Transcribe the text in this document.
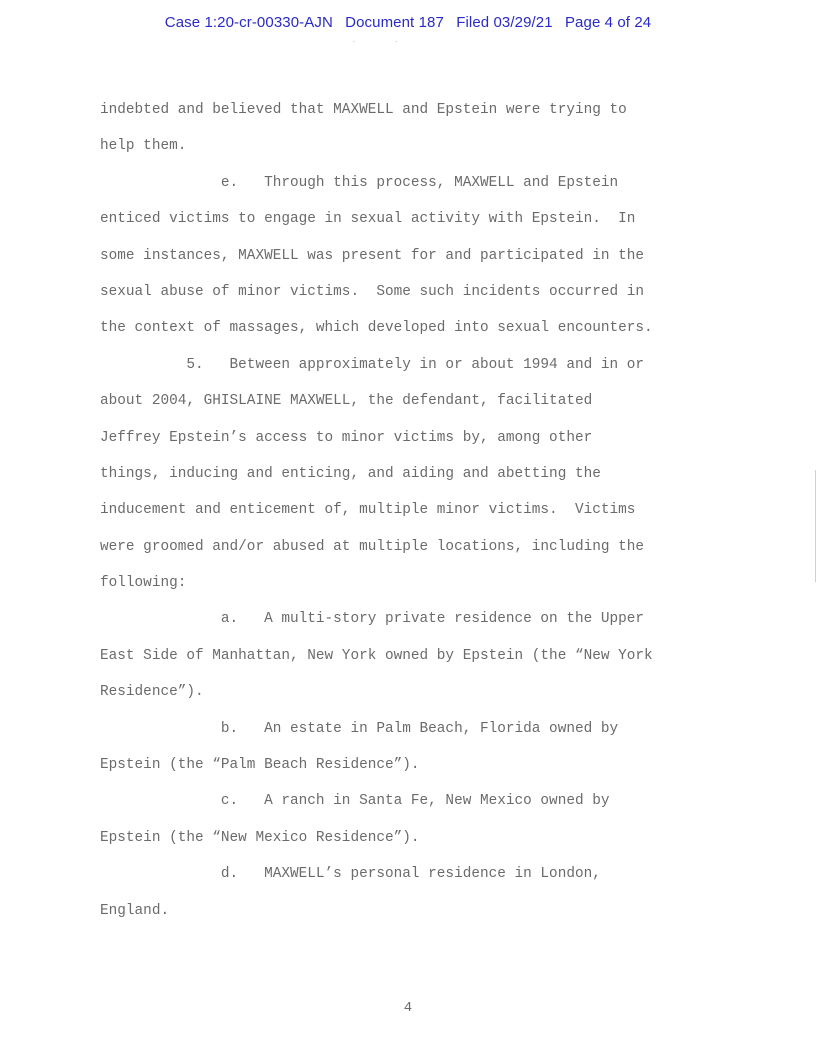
Case 1:20-cr-00330-AJN Document 187 Filed 03/29/21 Page 4 of 24
·         ·
indebted and believed that MAXWELL and Epstein were trying to
help them.
e.   Through this process, MAXWELL and Epstein
enticed victims to engage in sexual activity with Epstein.  In
some instances, MAXWELL was present for and participated in the
sexual abuse of minor victims.  Some such incidents occurred in
the context of massages, which developed into sexual encounters.
5.   Between approximately in or about 1994 and in or
about 2004, GHISLAINE MAXWELL, the defendant, facilitated
Jeffrey Epstein’s access to minor victims by, among other
things, inducing and enticing, and aiding and abetting the
inducement and enticement of, multiple minor victims.  Victims
were groomed and/or abused at multiple locations, including the
following:
a.   A multi-story private residence on the Upper
East Side of Manhattan, New York owned by Epstein (the “New York
Residence”).
b.   An estate in Palm Beach, Florida owned by
Epstein (the “Palm Beach Residence”).
c.   A ranch in Santa Fe, New Mexico owned by
Epstein (the “New Mexico Residence”).
d.   MAXWELL’s personal residence in London,
England.
4
